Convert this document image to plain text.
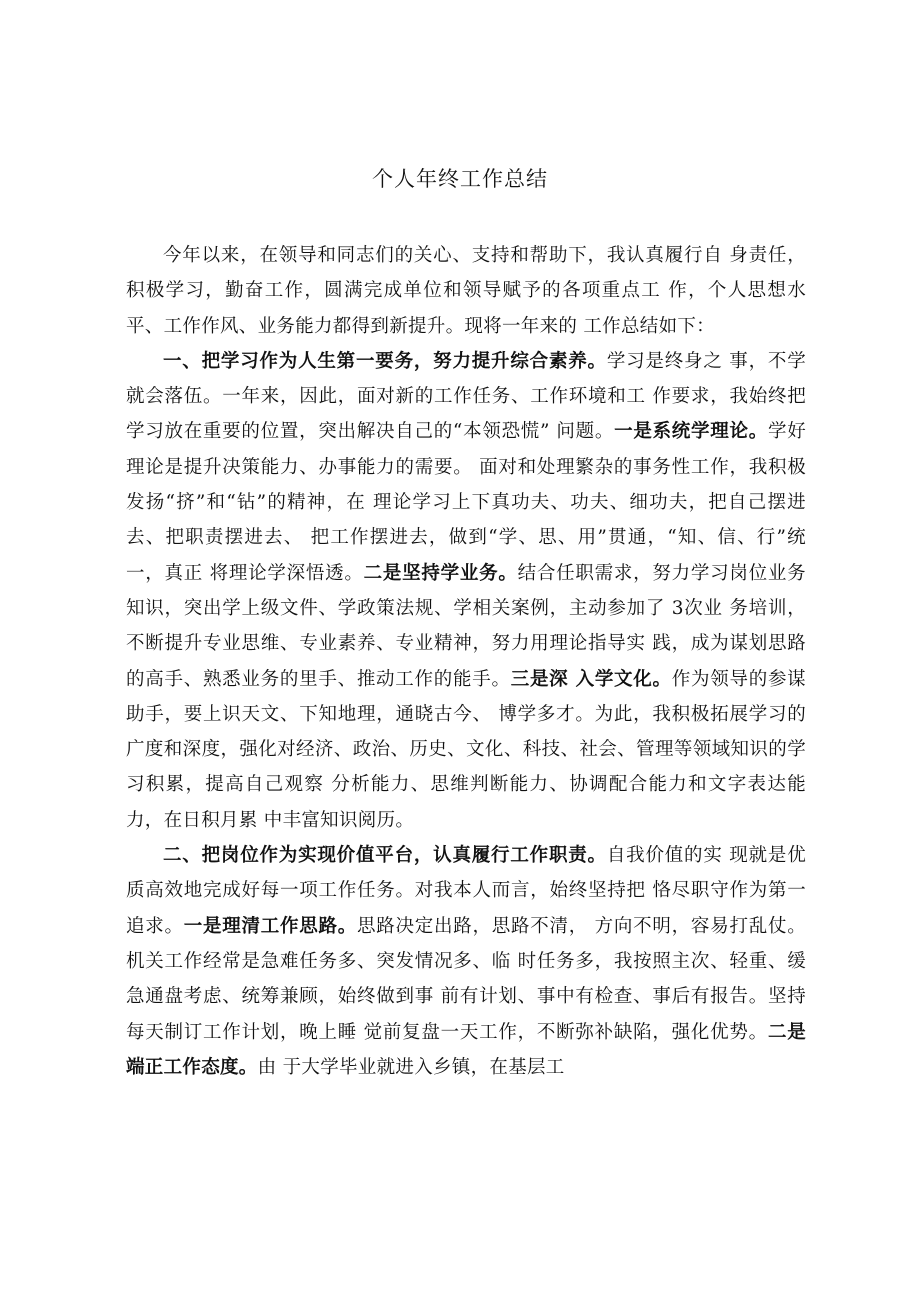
个人年终工作总结

今年以来，在领导和同志们的关心、支持和帮助下，我认真履行自 身责任，积极学习，勤奋工作，圆满完成单位和领导赋予的各项重点工 作，个人思想水平、工作作风、业务能力都得到新提升。现将一年来的 工作总结如下：

一、把学习作为人生第一要务，努力提升综合素养。学习是终身之 事，不学就会落伍。一年来，因此，面对新的工作任务、工作环境和工 作要求，我始终把学习放在重要的位置，突出解决自己的“本领恐慌” 问题。一是系统学理论。学好理论是提升决策能力、办事能力的需要。 面对和处理繁杂的事务性工作，我积极发扬“挤”和“钻”的精神，在 理论学习上下真功夫、功夫、细功夫，把自己摆进去、把职责摆进去、 把工作摆进去，做到“学、思、用”贯通，“知、信、行”统一，真正 将理论学深悟透。二是坚持学业务。结合任职需求，努力学习岗位业务 知识，突出学上级文件、学政策法规、学相关案例，主动参加了 3次业 务培训，不断提升专业思维、专业素养、专业精神，努力用理论指导实 践，成为谋划思路的高手、熟悉业务的里手、推动工作的能手。三是深 入学文化。作为领导的参谋助手，要上识天文、下知地理，通晓古今、 博学多才。为此，我积极拓展学习的广度和深度，强化对经济、政治、历史、文化、科技、社会、管理等领域知识的学习积累，提高自己观察 分析能力、思维判断能力、协调配合能力和文字表达能力，在日积月累 中丰富知识阅历。

二、把岗位作为实现价值平台，认真履行工作职责。自我价值的实 现就是优质高效地完成好每一项工作任务。对我本人而言，始终坚持把 恪尽职守作为第一追求。一是理清工作思路。思路决定出路，思路不清， 方向不明，容易打乱仗。机关工作经常是急难任务多、突发情况多、临 时任务多，我按照主次、轻重、缓急通盘考虑、统筹兼顾，始终做到事 前有计划、事中有检查、事后有报告。坚持每天制订工作计划，晚上睡 觉前复盘一天工作，不断弥补缺陷，强化优势。二是端正工作态度。由 于大学毕业就进入乡镇，在基层工
